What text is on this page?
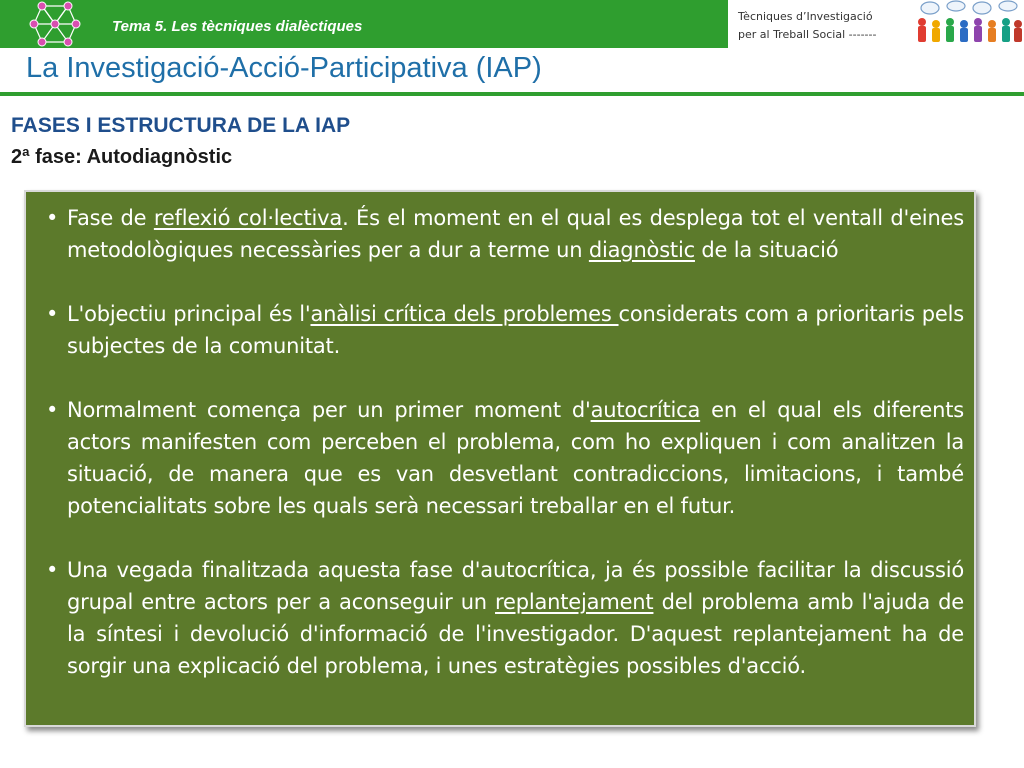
Tema 5. Les tècniques dialèctiques
Tècniques d’Investigació
per al Treball Social -------
La Investigació-Acció-Participativa (IAP)
FASES I ESTRUCTURA DE LA IAP
2ª fase: Autodiagnòstic
• Fase de reflexió col·lectiva. És el moment en el qual es desplega tot el ventall d'eines metodològiques necessàries per a dur a terme un diagnòstic de la situació
• L'objectiu principal és l'anàlisi crítica dels problemes considerats com a prioritaris pels subjectes de la comunitat.
• Normalment comença per un primer moment d'autocrítica en el qual els diferents actors manifesten com perceben el problema, com ho expliquen i com analitzen la situació, de manera que es van desvetlant contradiccions, limitacions, i també potencialitats sobre les quals serà necessari treballar en el futur.
• Una vegada finalitzada aquesta fase d'autocrítica, ja és possible facilitar la discussió grupal entre actors per a aconseguir un replantejament del problema amb l'ajuda de la síntesi i devolució d'informació de l'investigador. D'aquest replantejament ha de sorgir una explicació del problema, i unes estratègies possibles d'acció.
